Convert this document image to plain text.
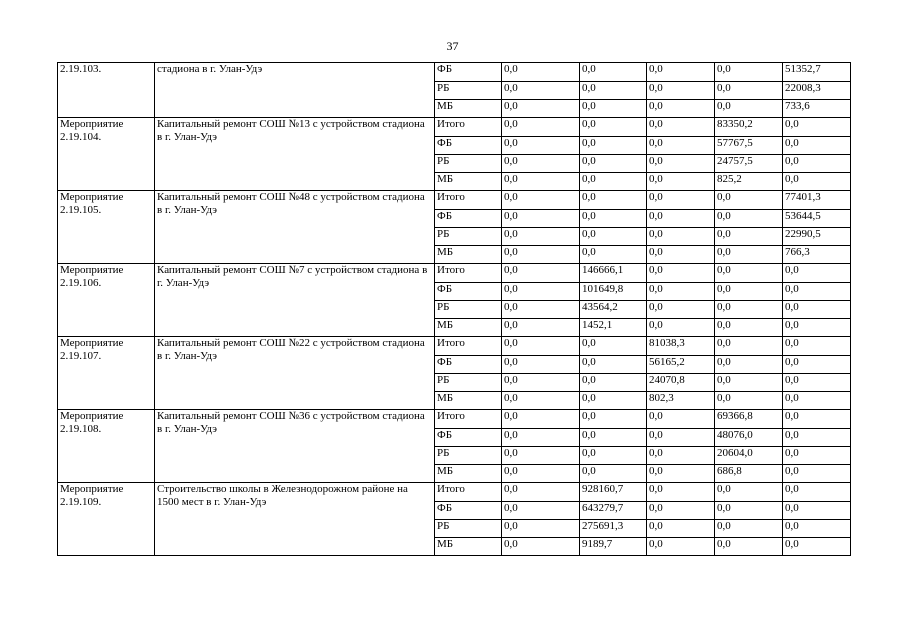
37
2.19.103.	стадиона в г. Улан-Удэ	ФБ	0,0	0,0	0,0	0,0	51352,7
		РБ	0,0	0,0	0,0	0,0	22008,3
		МБ	0,0	0,0	0,0	0,0	733,6
Мероприятие 2.19.104.	Капитальный ремонт СОШ №13 с устройством стадиона в г. Улан-Удэ	Итого	0,0	0,0	0,0	83350,2	0,0
		ФБ	0,0	0,0	0,0	57767,5	0,0
		РБ	0,0	0,0	0,0	24757,5	0,0
		МБ	0,0	0,0	0,0	825,2	0,0
Мероприятие 2.19.105.	Капитальный ремонт СОШ №48 с устройством стадиона в г. Улан-Удэ	Итого	0,0	0,0	0,0	0,0	77401,3
		ФБ	0,0	0,0	0,0	0,0	53644,5
		РБ	0,0	0,0	0,0	0,0	22990,5
		МБ	0,0	0,0	0,0	0,0	766,3
Мероприятие 2.19.106.	Капитальный ремонт СОШ №7 с устройством стадиона в г. Улан-Удэ	Итого	0,0	146666,1	0,0	0,0	0,0
		ФБ	0,0	101649,8	0,0	0,0	0,0
		РБ	0,0	43564,2	0,0	0,0	0,0
		МБ	0,0	1452,1	0,0	0,0	0,0
Мероприятие 2.19.107.	Капитальный ремонт СОШ №22 с устройством стадиона в г. Улан-Удэ	Итого	0,0	0,0	81038,3	0,0	0,0
		ФБ	0,0	0,0	56165,2	0,0	0,0
		РБ	0,0	0,0	24070,8	0,0	0,0
		МБ	0,0	0,0	802,3	0,0	0,0
Мероприятие 2.19.108.	Капитальный ремонт СОШ №36 с устройством стадиона в г. Улан-Удэ	Итого	0,0	0,0	0,0	69366,8	0,0
		ФБ	0,0	0,0	0,0	48076,0	0,0
		РБ	0,0	0,0	0,0	20604,0	0,0
		МБ	0,0	0,0	0,0	686,8	0,0
Мероприятие 2.19.109.	Строительство школы в Железнодорожном районе на 1500 мест в г. Улан-Удэ	Итого	0,0	928160,7	0,0	0,0	0,0
		ФБ	0,0	643279,7	0,0	0,0	0,0
		РБ	0,0	275691,3	0,0	0,0	0,0
		МБ	0,0	9189,7	0,0	0,0	0,0
